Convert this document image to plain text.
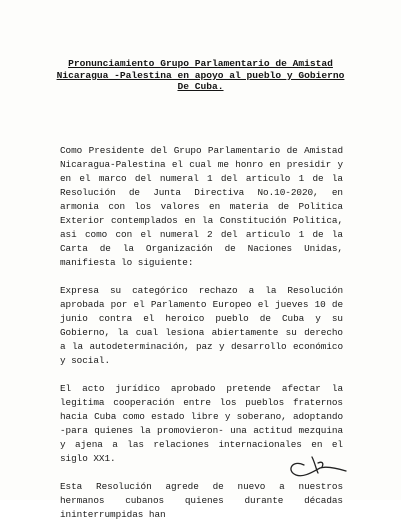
Pronunciamiento Grupo Parlamentario de Amistad Nicaragua -Palestina en apoyo al pueblo y Gobierno De Cuba.

Como Presidente del Grupo Parlamentario de Amistad Nicaragua-Palestina el cual me honro en presidir y en el marco del numeral 1 del articulo 1 de la Resolución de Junta Directiva No.10-2020, en armonia con los valores en materia de Politica Exterior contemplados en la Constitución Politica, asi como con el numeral 2 del articulo 1 de la Carta de la Organización de Naciones Unidas, manifiesta lo siguiente:

Expresa su categórico rechazo a la Resolución aprobada por el Parlamento Europeo el jueves 10 de junio contra el heroico pueblo de Cuba y su Gobierno, la cual lesiona abiertamente su derecho a la autodeterminación, paz y desarrollo económico y social.

El acto jurídico aprobado pretende afectar la legitima cooperación entre los pueblos fraternos hacia Cuba como estado libre y soberano, adoptando -para quienes la promovieron- una actitud mezquina y ajena a las relaciones internacionales en el siglo XX1.

Esta Resolución agrede de nuevo a nuestros hermanos cubanos quienes durante décadas ininterrumpidas han
